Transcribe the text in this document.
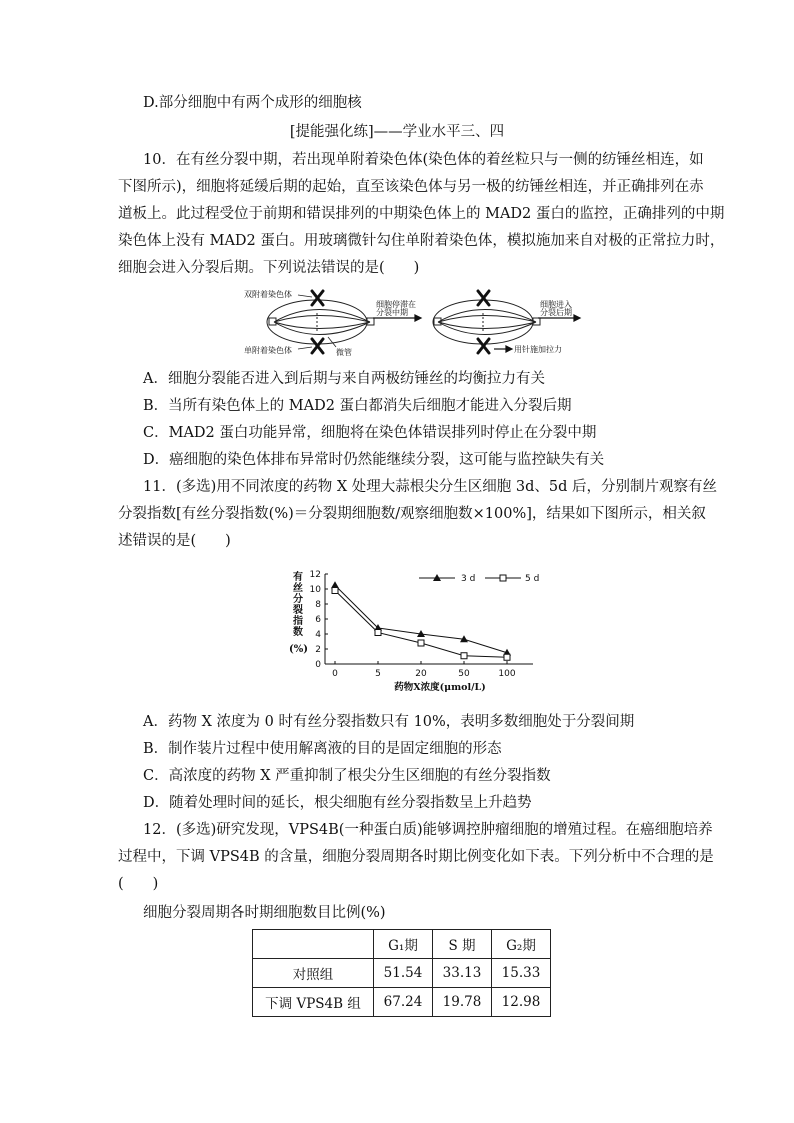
D.部分细胞中有两个成形的细胞核
[提能强化练]——学业水平三、四
10．在有丝分裂中期，若出现单附着染色体(染色体的着丝粒只与一侧的纺锤丝相连，如
下图所示)，细胞将延缓后期的起始，直至该染色体与另一极的纺锤丝相连，并正确排列在赤
道板上。此过程受位于前期和错误排列的中期染色体上的 MAD2 蛋白的监控，正确排列的中期
染色体上没有 MAD2 蛋白。用玻璃微针勾住单附着染色体，模拟施加来自对极的正常拉力时，
细胞会进入分裂后期。下列说法错误的是(　　)
双附着染色体
单附着染色体	微管
细胞停滞在
分裂中期
细胞进入
分裂后期
用针施加拉力
A．细胞分裂能否进入到后期与来自两极纺锤丝的均衡拉力有关
B．当所有染色体上的 MAD2 蛋白都消失后细胞才能进入分裂后期
C．MAD2 蛋白功能异常，细胞将在染色体错误排列时停止在分裂中期
D．癌细胞的染色体排布异常时仍然能继续分裂，这可能与监控缺失有关
11．(多选)用不同浓度的药物 X 处理大蒜根尖分生区细胞 3d、5d 后，分别制片观察有丝
分裂指数[有丝分裂指数(%)＝分裂期细胞数/观察细胞数×100%]，结果如下图所示，相关叙
述错误的是(　　)
有
丝
分
裂
指
数
(%)
0
2
4
6
8
10
12
0	5	20	50	100
3 d	5 d
药物X浓度(μmol/L)
A．药物 X 浓度为 0 时有丝分裂指数只有 10%，表明多数细胞处于分裂间期
B．制作装片过程中使用解离液的目的是固定细胞的形态
C．高浓度的药物 X 严重抑制了根尖分生区细胞的有丝分裂指数
D．随着处理时间的延长，根尖细胞有丝分裂指数呈上升趋势
12．(多选)研究发现，VPS4B(一种蛋白质)能够调控肿瘤细胞的增殖过程。在癌细胞培养
过程中，下调 VPS4B 的含量，细胞分裂周期各时期比例变化如下表。下列分析中不合理的是
(　　)
细胞分裂周期各时期细胞数目比例(%)
	G₁期	S 期	G₂期
对照组	51.54	33.13	15.33
下调 VPS4B 组	67.24	19.78	12.98
